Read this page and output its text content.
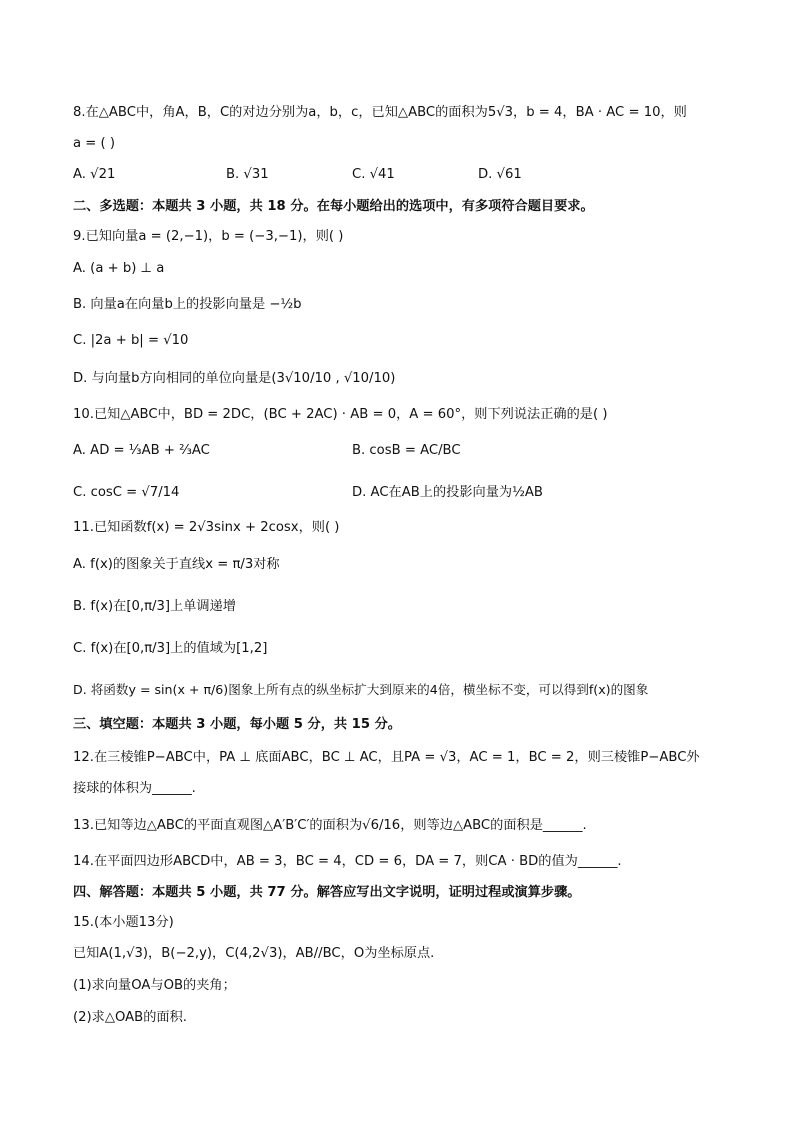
8.在△ABC中，角A，B，C的对边分别为a，b，c，已知△ABC的面积为5√3，b = 4，BA · AC = 10，则
a = ( )
A. √21	B. √31	C. √41	D. √61
二、多选题：本题共 3 小题，共 18 分。在每小题给出的选项中，有多项符合题目要求。
9.已知向量a = (2,−1)，b = (−3,−1)，则( )
A. (a + b) ⊥ a
B. 向量a在向量b上的投影向量是 −½b
C. |2a + b| = √10
D. 与向量b方向相同的单位向量是(3√10/10 , √10/10)
10.已知△ABC中，BD = 2DC，(BC + 2AC) · AB = 0，A = 60°，则下列说法正确的是( )
A. AD = ⅓AB + ⅔AC	B. cosB = AC/BC
C. cosC = √7/14	D. AC在AB上的投影向量为½AB
11.已知函数f(x) = 2√3sinx + 2cosx，则( )
A. f(x)的图象关于直线x = π/3对称
B. f(x)在[0,π/3]上单调递增
C. f(x)在[0,π/3]上的值域为[1,2]
D. 将函数y = sin(x + π/6)图象上所有点的纵坐标扩大到原来的4倍，横坐标不变，可以得到f(x)的图象
三、填空题：本题共 3 小题，每小题 5 分，共 15 分。
12.在三棱锥P−ABC中，PA ⊥ 底面ABC，BC ⊥ AC，且PA = √3，AC = 1，BC = 2，则三棱锥P−ABC外
接球的体积为______.
13.已知等边△ABC的平面直观图△A′B′C′的面积为√6/16，则等边△ABC的面积是______.
14.在平面四边形ABCD中，AB = 3，BC = 4，CD = 6，DA = 7，则CA · BD的值为______.
四、解答题：本题共 5 小题，共 77 分。解答应写出文字说明，证明过程或演算步骤。
15.(本小题13分)
已知A(1,√3)，B(−2,y)，C(4,2√3)，AB//BC，O为坐标原点.
(1)求向量OA与OB的夹角；
(2)求△OAB的面积.
